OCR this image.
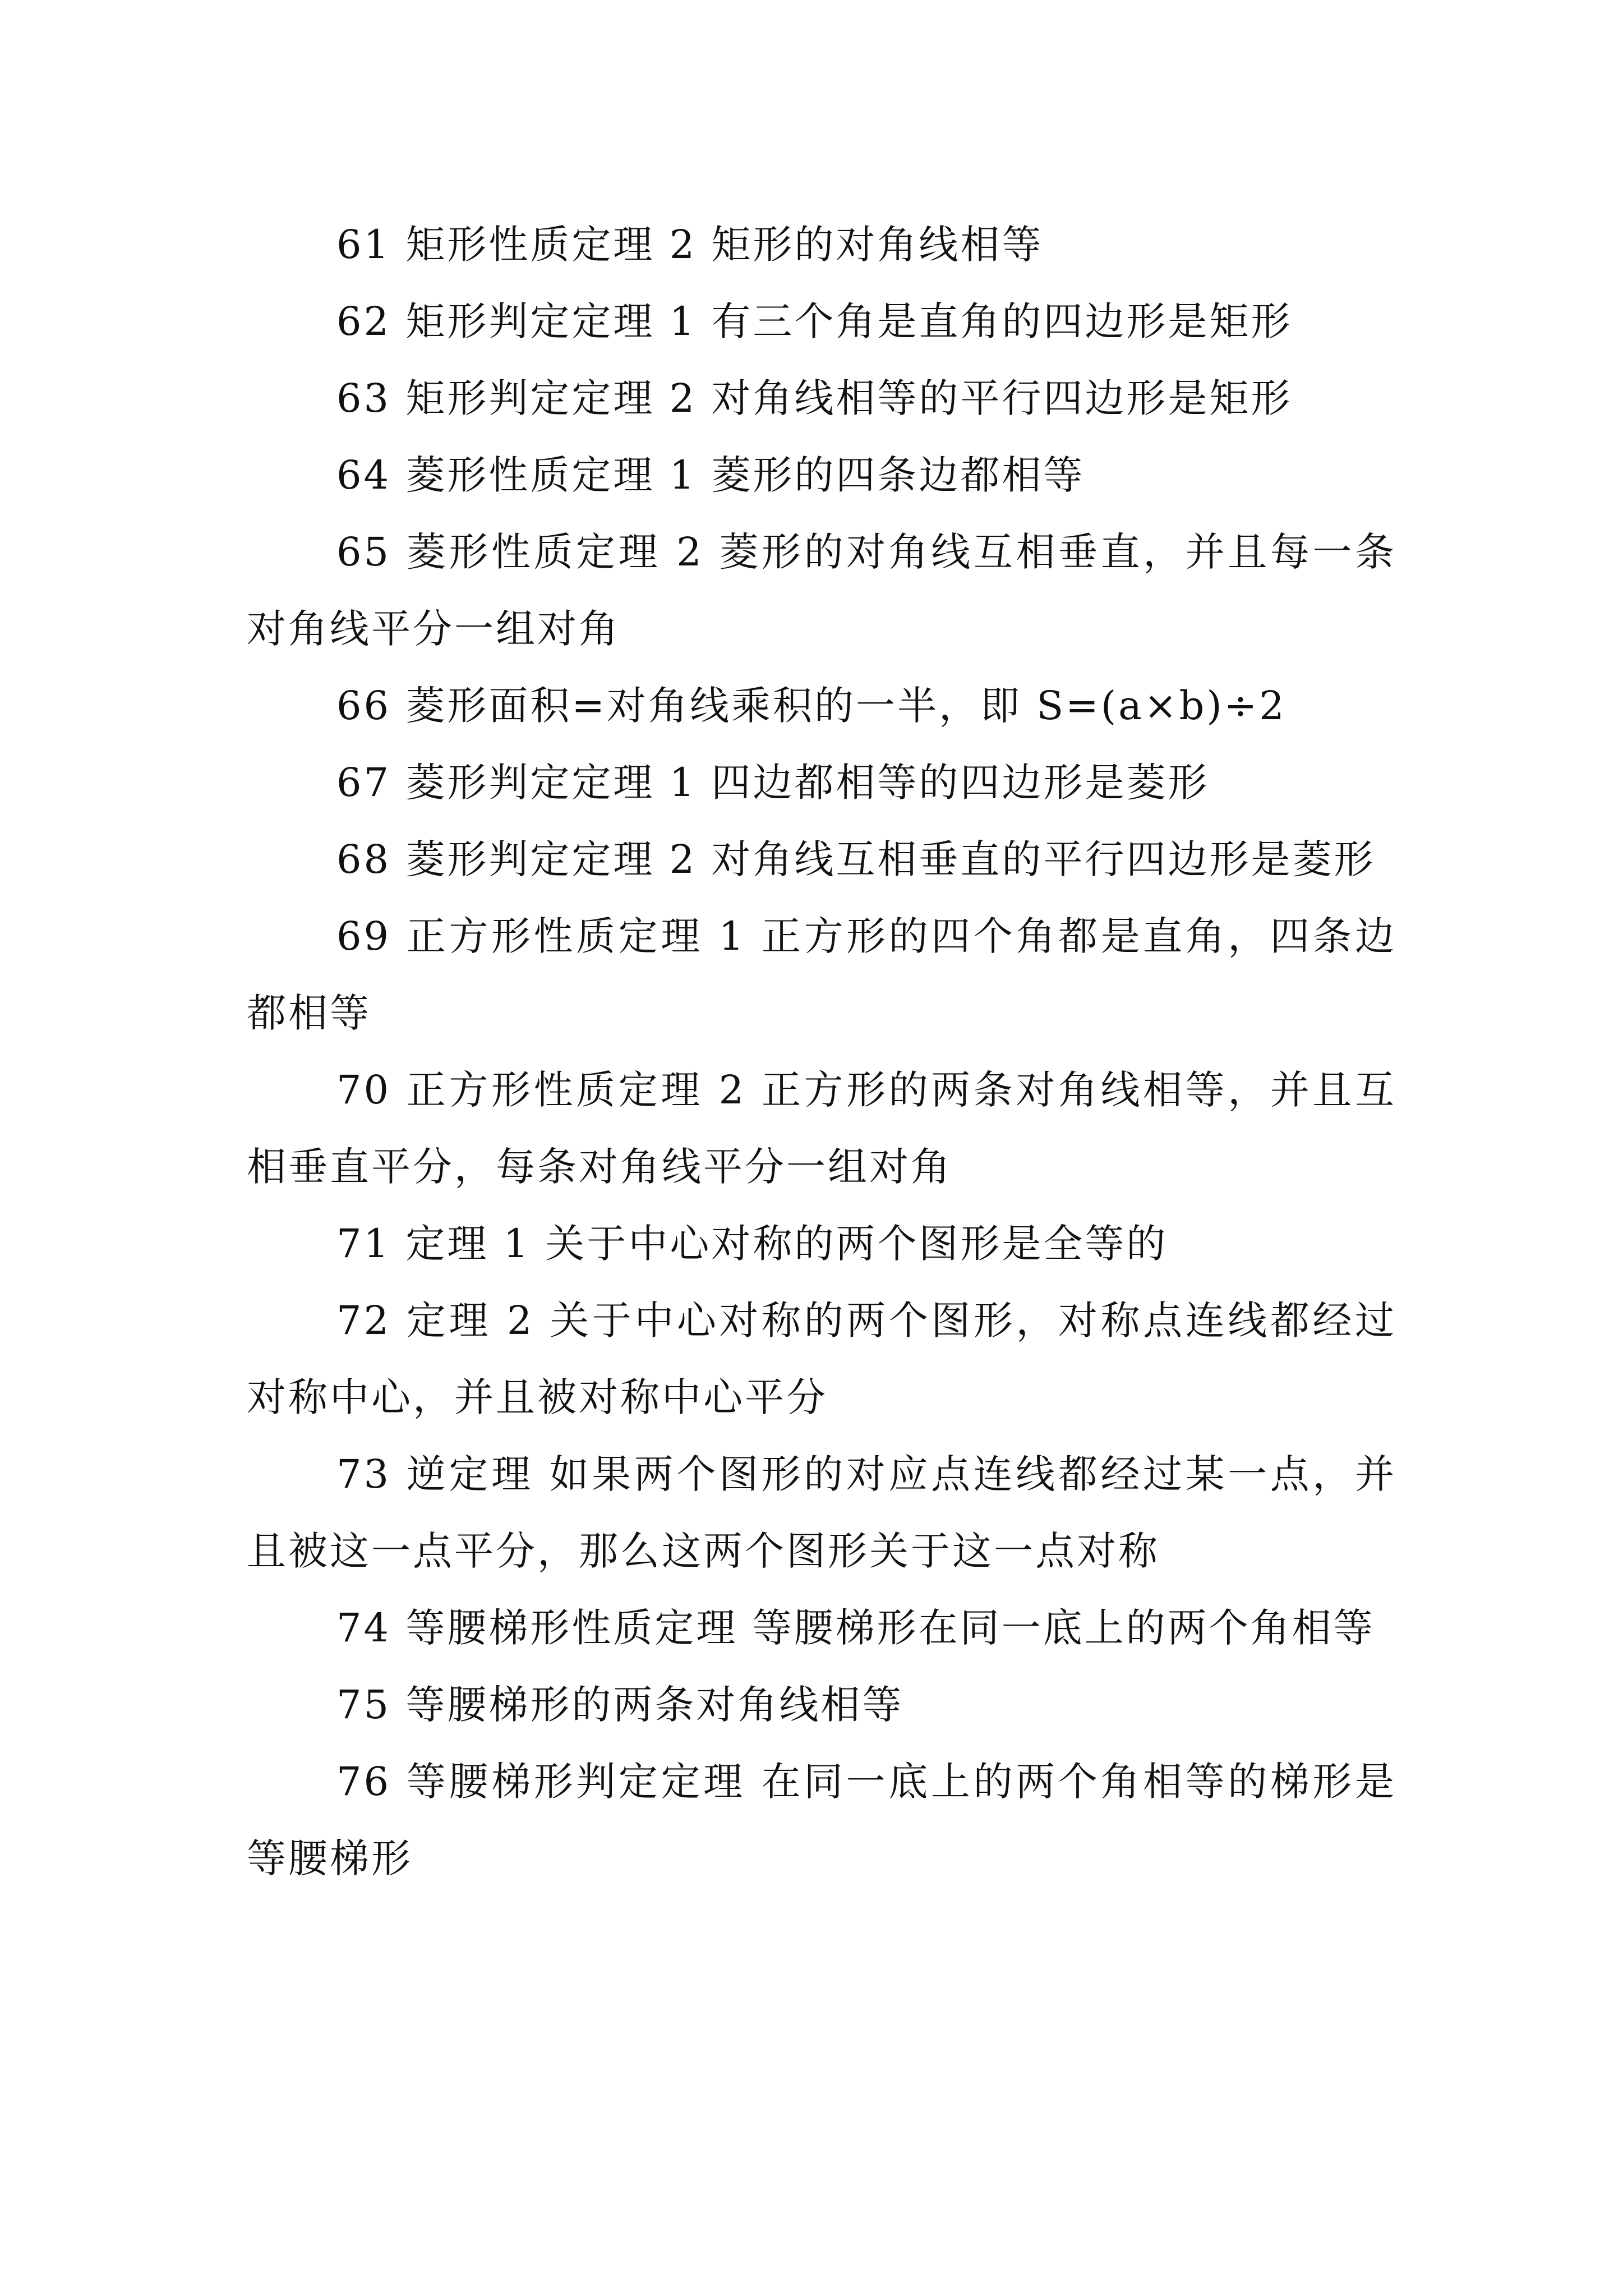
61 矩形性质定理 2 矩形的对角线相等

62 矩形判定定理 1 有三个角是直角的四边形是矩形

63 矩形判定定理 2 对角线相等的平行四边形是矩形

64 菱形性质定理 1 菱形的四条边都相等

65 菱形性质定理 2 菱形的对角线互相垂直，并且每一条对角线平分一组对角

66 菱形面积=对角线乘积的一半，即 S=(a×b)÷2

67 菱形判定定理 1 四边都相等的四边形是菱形

68 菱形判定定理 2 对角线互相垂直的平行四边形是菱形

69 正方形性质定理 1 正方形的四个角都是直角，四条边都相等

70 正方形性质定理 2 正方形的两条对角线相等，并且互相垂直平分，每条对角线平分一组对角

71 定理 1 关于中心对称的两个图形是全等的

72 定理 2 关于中心对称的两个图形，对称点连线都经过对称中心，并且被对称中心平分

73 逆定理 如果两个图形的对应点连线都经过某一点，并且被这一点平分，那么这两个图形关于这一点对称

74 等腰梯形性质定理 等腰梯形在同一底上的两个角相等

75 等腰梯形的两条对角线相等

76 等腰梯形判定定理 在同一底上的两个角相等的梯形是等腰梯形
